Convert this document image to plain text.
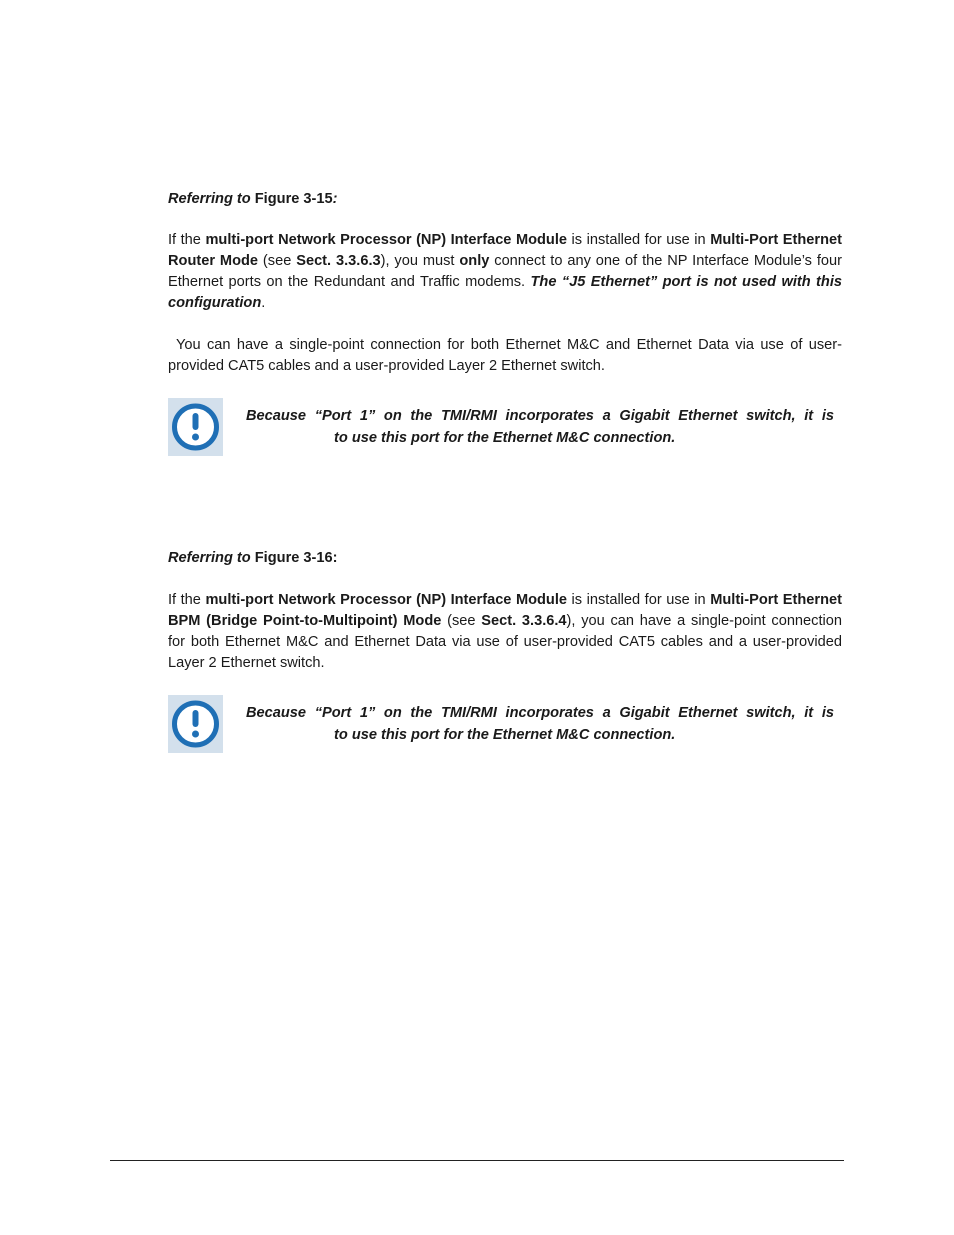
Referring to Figure 3-15:
If the multi-port Network Processor (NP) Interface Module is installed for use in Multi-Port Ethernet Router Mode (see Sect. 3.3.6.3), you must only connect to any one of the NP Interface Module’s four Ethernet ports on the Redundant and Traffic modems. The “J5 Ethernet” port is not used with this configuration.
You can have a single-point connection for both Ethernet M&C and Ethernet Data via use of user-provided CAT5 cables and a user-provided Layer 2 Ethernet switch.
Because “Port 1” on the TMI/RMI incorporates a Gigabit Ethernet switch, it is
to use this port for the Ethernet M&C connection.
Referring to Figure 3-16:
If the multi-port Network Processor (NP) Interface Module is installed for use in Multi-Port Ethernet BPM (Bridge Point-to-Multipoint) Mode (see Sect. 3.3.6.4), you can have a single-point connection for both Ethernet M&C and Ethernet Data via use of user-provided CAT5 cables and a user-provided Layer 2 Ethernet switch.
Because “Port 1” on the TMI/RMI incorporates a Gigabit Ethernet switch, it is
to use this port for the Ethernet M&C connection.
